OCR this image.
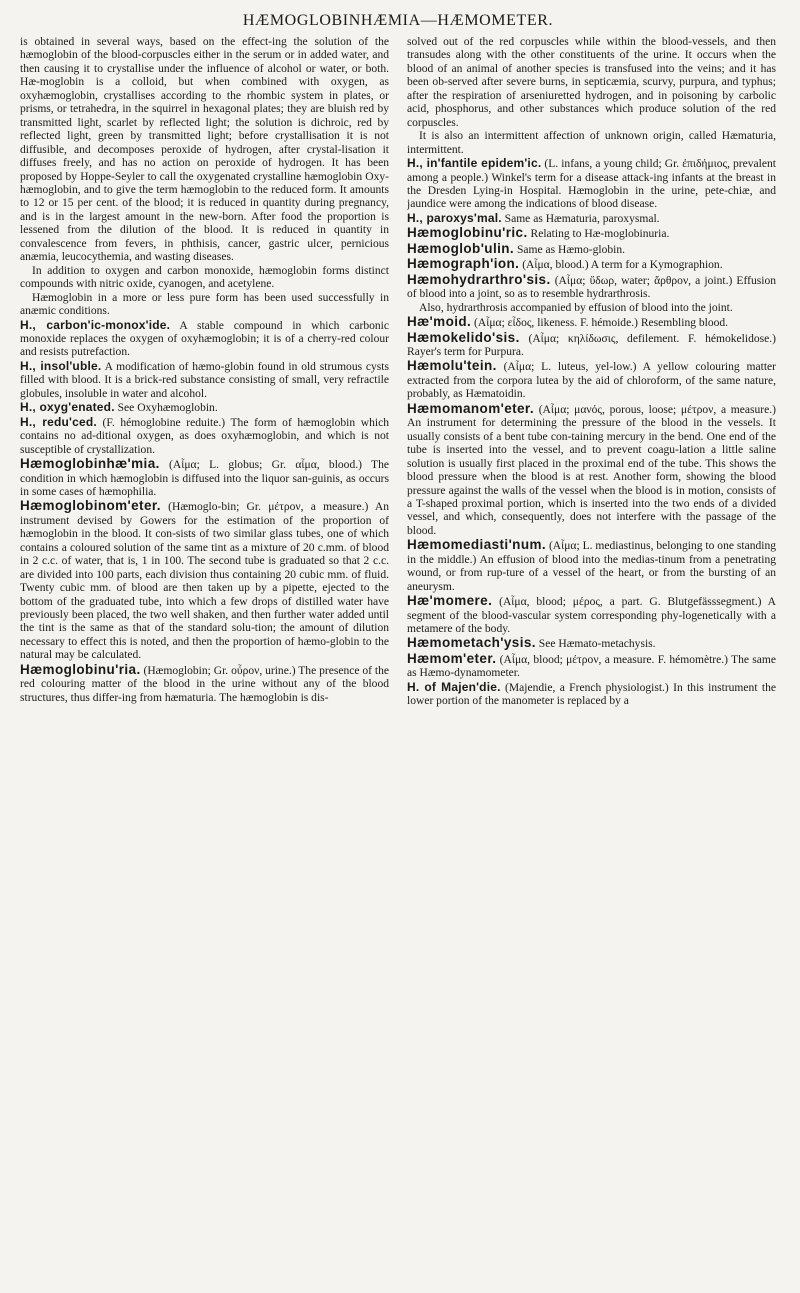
HÆMOGLOBINHÆMIA—HÆMOMETER.

is obtained in several ways, based on the effect-ing the solution of the hæmoglobin of the blood-corpuscles either in the serum or in added water, and then causing it to crystallise under the influence of alcohol or water, or both. Hæ-moglobin is a colloid, but when combined with oxygen, as oxyhæmoglobin, crystallises according to the rhombic system in plates, or prisms, or tetrahedra, in the squirrel in hexagonal plates; they are bluish red by transmitted light, scarlet by reflected light; the solution is dichroic, red by reflected light, green by transmitted light; before crystallisation it is not diffusible, and decomposes peroxide of hydrogen, after crystal-lisation it diffuses freely, and has no action on peroxide of hydrogen. It has been proposed by Hoppe-Seyler to call the oxygenated crystalline hæmoglobin Oxy-hæmoglobin, and to give the term hæmoglobin to the reduced form. It amounts to 12 or 15 per cent. of the blood; it is reduced in quantity during pregnancy, and is in the largest amount in the new-born. After food the proportion is lessened from the dilution of the blood. It is reduced in quantity in convalescence from fevers, in phthisis, cancer, gastric ulcer, pernicious anæmia, leucocythemia, and wasting diseases.

In addition to oxygen and carbon monoxide, hæmoglobin forms distinct compounds with nitric oxide, cyanogen, and acetylene.

Hæmoglobin in a more or less pure form has been used successfully in anæmic conditions.

H., carbon'ic-monox'ide. A stable compound in which carbonic monoxide replaces the oxygen of oxyhæmoglobin; it is of a cherry-red colour and resists putrefaction.

H., insol'uble. A modification of hæmo-globin found in old strumous cysts filled with blood. It is a brick-red substance consisting of small, very refractile globules, insoluble in water and alcohol.

H., oxyg'enated. See Oxyhæmoglobin.

H., redu'ced. (F. hémoglobine reduite.) The form of hæmoglobin which contains no ad-ditional oxygen, as does oxyhæmoglobin, and which is not susceptible of crystallization.

Hæmoglobinhæ'mia. (Αἷμα; L. globus; Gr. αἷμα, blood.) The condition in which hæmoglobin is diffused into the liquor san-guinis, as occurs in some cases of hæmophilia.

Hæmoglobinom'eter. (Hæmoglo-bin; Gr. μέτρον, a measure.) An instrument devised by Gowers for the estimation of the proportion of hæmoglobin in the blood. It con-sists of two similar glass tubes, one of which contains a coloured solution of the same tint as a mixture of 20 c.mm. of blood in 2 c.c. of water, that is, 1 in 100. The second tube is graduated so that 2 c.c. are divided into 100 parts, each division thus containing 20 cubic mm. of fluid. Twenty cubic mm. of blood are then taken up by a pipette, ejected to the bottom of the graduated tube, into which a few drops of distilled water have previously been placed, the two well shaken, and then further water added until the tint is the same as that of the standard solu-tion; the amount of dilution necessary to effect this is noted, and then the proportion of hæmo-globin to the natural may be calculated.

Hæmoglobinu'ria. (Hæmoglobin; Gr. οὖρον, urine.) The presence of the red colouring matter of the blood in the urine without any of the blood structures, thus differ-ing from hæmaturia. The hæmoglobin is dis-

solved out of the red corpuscles while within the blood-vessels, and then transudes along with the other constituents of the urine. It occurs when the blood of an animal of another species is transfused into the veins; and it has been ob-served after severe burns, in septicæmia, scurvy, purpura, and typhus; after the respiration of arseniuretted hydrogen, and in poisoning by carbolic acid, phosphorus, and other substances which produce solution of the red corpuscles.

It is also an intermittent affection of unknown origin, called Hæmaturia, intermittent.

H., in'fantile epidem'ic. (L. infans, a young child; Gr. ἐπιδήμιος, prevalent among a people.) Winkel's term for a disease attack-ing infants at the breast in the Dresden Lying-in Hospital. Hæmoglobin in the urine, pete-chiæ, and jaundice were among the indications of blood disease.

H., paroxys'mal. Same as Hæmaturia, paroxysmal.

Hæmoglobinu'ric. Relating to Hæ-moglobinuria.

Hæmoglob'ulin. Same as Hæmo-globin.

Hæmograph'ion. (Αἷμα, blood.) A term for a Kymographion.

Hæmohydrarthro'sis. (Αἷμα; ὕδωρ, water; ἄρθρον, a joint.) Effusion of blood into a joint, so as to resemble hydrarthrosis.

Also, hydrarthrosis accompanied by effusion of blood into the joint.

Hæ'moid. (Αἷμα; εἶδος, likeness. F. hémoide.) Resembling blood.

Hæmokelido'sis. (Αἷμα; κηλίδωσις, defilement. F. hémokelidose.) Rayer's term for Purpura.

Hæmolu'tein. (Αἷμα; L. luteus, yel-low.) A yellow colouring matter extracted from the corpora lutea by the aid of chloroform, of the same nature, probably, as Hæmatoidin.

Hæmomanom'eter. (Αἷμα; μανός, porous, loose; μέτρον, a measure.) An instrument for determining the pressure of the blood in the vessels. It usually consists of a bent tube con-taining mercury in the bend. One end of the tube is inserted into the vessel, and to prevent coagu-lation a little saline solution is usually first placed in the proximal end of the tube. This shows the blood pressure when the blood is at rest. Another form, showing the blood pressure against the walls of the vessel when the blood is in motion, consists of a T-shaped proximal portion, which is inserted into the two ends of a divided vessel, and which, consequently, does not interfere with the passage of the blood.

Hæmomediasti'num. (Αἷμα; L. mediastinus, belonging to one standing in the middle.) An effusion of blood into the medias-tinum from a penetrating wound, or from rup-ture of a vessel of the heart, or from the bursting of an aneurysm.

Hæ'momere. (Αἷμα, blood; μέρος, a part. G. Blutgefässsegment.) A segment of the blood-vascular system corresponding phy-logenetically with a metamere of the body.

Hæmometach'ysis. See Hæmato-metachysis.

Hæmom'eter. (Αἷμα, blood; μέτρον, a measure. F. hémomètre.) The same as Hæmo-dynamometer.

H. of Majen'die. (Majendie, a French physiologist.) In this instrument the lower portion of the manometer is replaced by a
